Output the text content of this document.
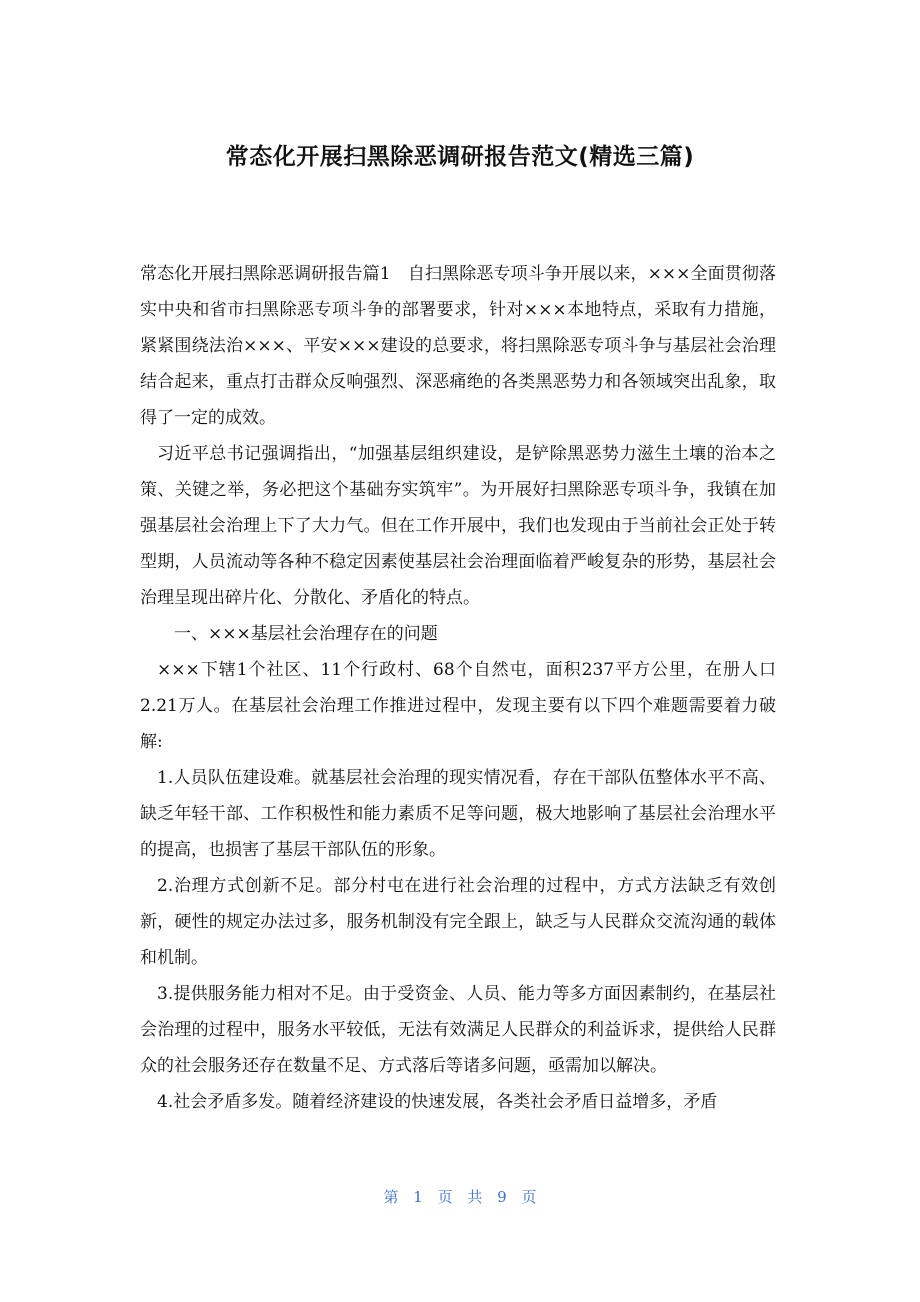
常态化开展扫黑除恶调研报告范文(精选三篇)

常态化开展扫黑除恶调研报告篇1　自扫黑除恶专项斗争开展以来，×××全面贯彻落实中央和省市扫黑除恶专项斗争的部署要求，针对×××本地特点，采取有力措施，紧紧围绕法治×××、平安×××建设的总要求，将扫黑除恶专项斗争与基层社会治理结合起来，重点打击群众反响强烈、深恶痛绝的各类黑恶势力和各领域突出乱象，取得了一定的成效。

习近平总书记强调指出，“加强基层组织建设，是铲除黑恶势力滋生土壤的治本之策、关键之举，务必把这个基础夯实筑牢”。为开展好扫黑除恶专项斗争，我镇在加强基层社会治理上下了大力气。但在工作开展中，我们也发现由于当前社会正处于转型期，人员流动等各种不稳定因素使基层社会治理面临着严峻复杂的形势，基层社会治理呈现出碎片化、分散化、矛盾化的特点。

一、×××基层社会治理存在的问题

×××下辖1个社区、11个行政村、68个自然屯，面积237平方公里，在册人口2.21万人。在基层社会治理工作推进过程中，发现主要有以下四个难题需要着力破解:

1.人员队伍建设难。就基层社会治理的现实情况看，存在干部队伍整体水平不高、缺乏年轻干部、工作积极性和能力素质不足等问题，极大地影响了基层社会治理水平的提高，也损害了基层干部队伍的形象。

2.治理方式创新不足。部分村屯在进行社会治理的过程中，方式方法缺乏有效创新，硬性的规定办法过多，服务机制没有完全跟上，缺乏与人民群众交流沟通的载体和机制。

3.提供服务能力相对不足。由于受资金、人员、能力等多方面因素制约，在基层社会治理的过程中，服务水平较低，无法有效满足人民群众的利益诉求，提供给人民群众的社会服务还存在数量不足、方式落后等诸多问题，亟需加以解决。

4.社会矛盾多发。随着经济建设的快速发展，各类社会矛盾日益增多，矛盾

第 1 页 共 9 页
